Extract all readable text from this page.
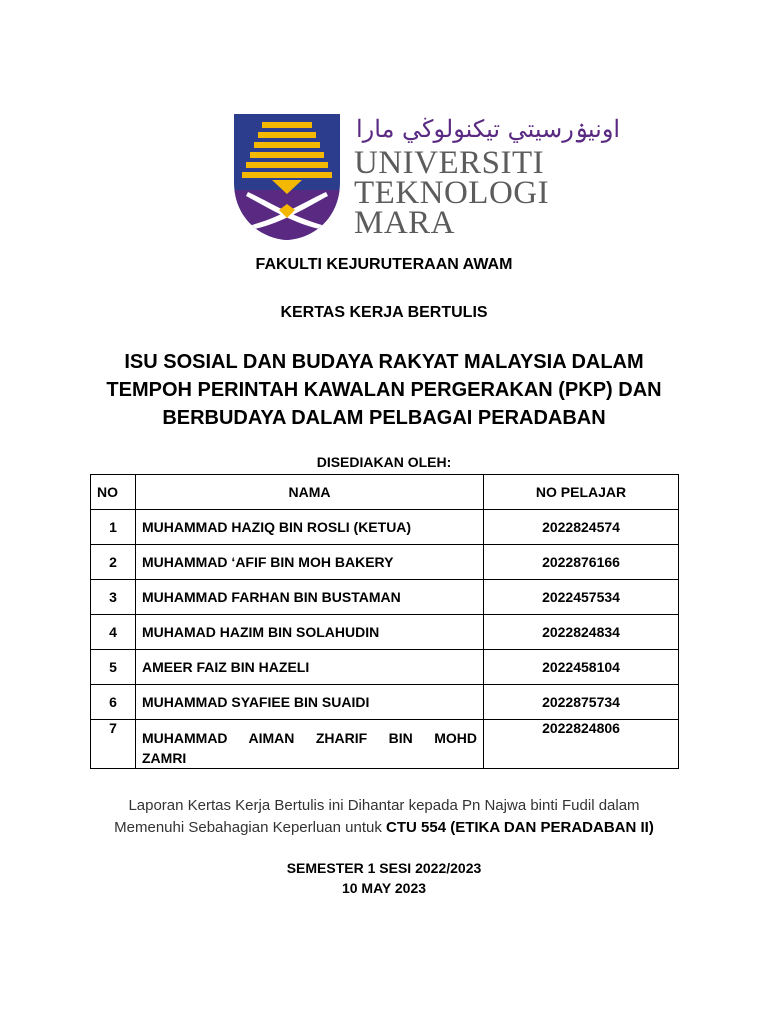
اونيۏرسيتي تيكنولوڬي مارا
UNIVERSITI
TEKNOLOGI
MARA
FAKULTI KEJURUTERAAN AWAM
KERTAS KERJA BERTULIS
ISU SOSIAL DAN BUDAYA RAKYAT MALAYSIA DALAM
TEMPOH PERINTAH KAWALAN PERGERAKAN (PKP) DAN
BERBUDAYA DALAM PELBAGAI PERADABAN
DISEDIAKAN OLEH:
NO	NAMA	NO PELAJAR
1	MUHAMMAD HAZIQ BIN ROSLI (KETUA)	2022824574
2	MUHAMMAD ‘AFIF BIN MOH BAKERY	2022876166
3	MUHAMMAD FARHAN BIN BUSTAMAN	2022457534
4	MUHAMAD HAZIM BIN SOLAHUDIN	2022824834
5	AMEER FAIZ BIN HAZELI	2022458104
6	MUHAMMAD SYAFIEE BIN SUAIDI	2022875734
7	MUHAMMAD AIMAN ZHARIF BIN MOHD
ZAMRI	2022824806
Laporan Kertas Kerja Bertulis ini Dihantar kepada Pn Najwa binti Fudil dalam
Memenuhi Sebahagian Keperluan untuk CTU 554 (ETIKA DAN PERADABAN II)
SEMESTER 1 SESI 2022/2023
10 MAY 2023
